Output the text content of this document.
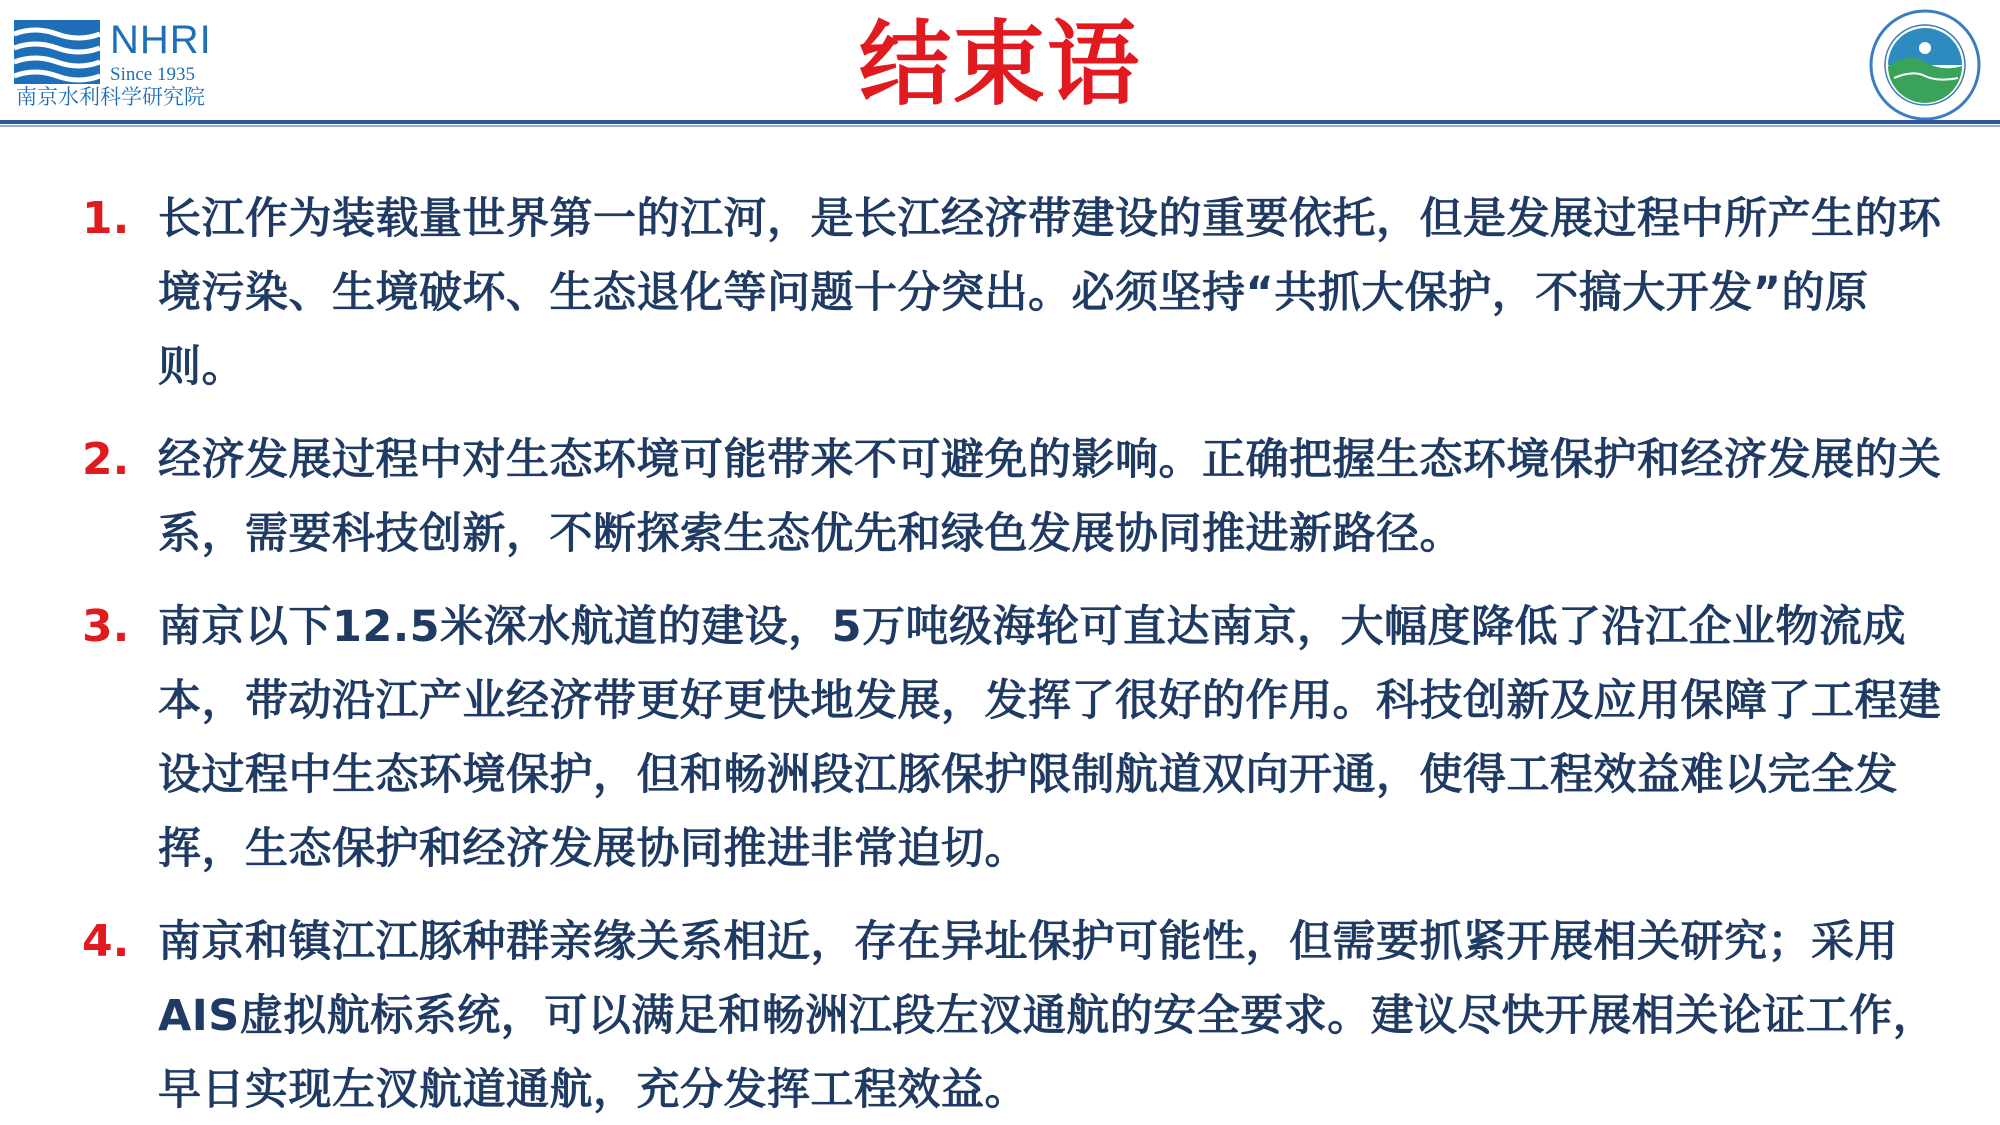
NHRI
Since 1935
南京水利科学研究院	结束语
1. 长江作为装载量世界第一的江河，是长江经济带建设的重要依托，但是发展过程中所产生的环境污染、生境破坏、生态退化等问题十分突出。必须坚持“共抓大保护，不搞大开发”的原则。
2. 经济发展过程中对生态环境可能带来不可避免的影响。正确把握生态环境保护和经济发展的关系，需要科技创新，不断探索生态优先和绿色发展协同推进新路径。
3. 南京以下12.5米深水航道的建设，5万吨级海轮可直达南京，大幅度降低了沿江企业物流成本，带动沿江产业经济带更好更快地发展，发挥了很好的作用。科技创新及应用保障了工程建设过程中生态环境保护，但和畅洲段江豚保护限制航道双向开通，使得工程效益难以完全发挥，生态保护和经济发展协同推进非常迫切。
4. 南京和镇江江豚种群亲缘关系相近，存在异址保护可能性，但需要抓紧开展相关研究；采用AIS虚拟航标系统，可以满足和畅洲江段左汊通航的安全要求。建议尽快开展相关论证工作，早日实现左汊航道通航，充分发挥工程效益。
